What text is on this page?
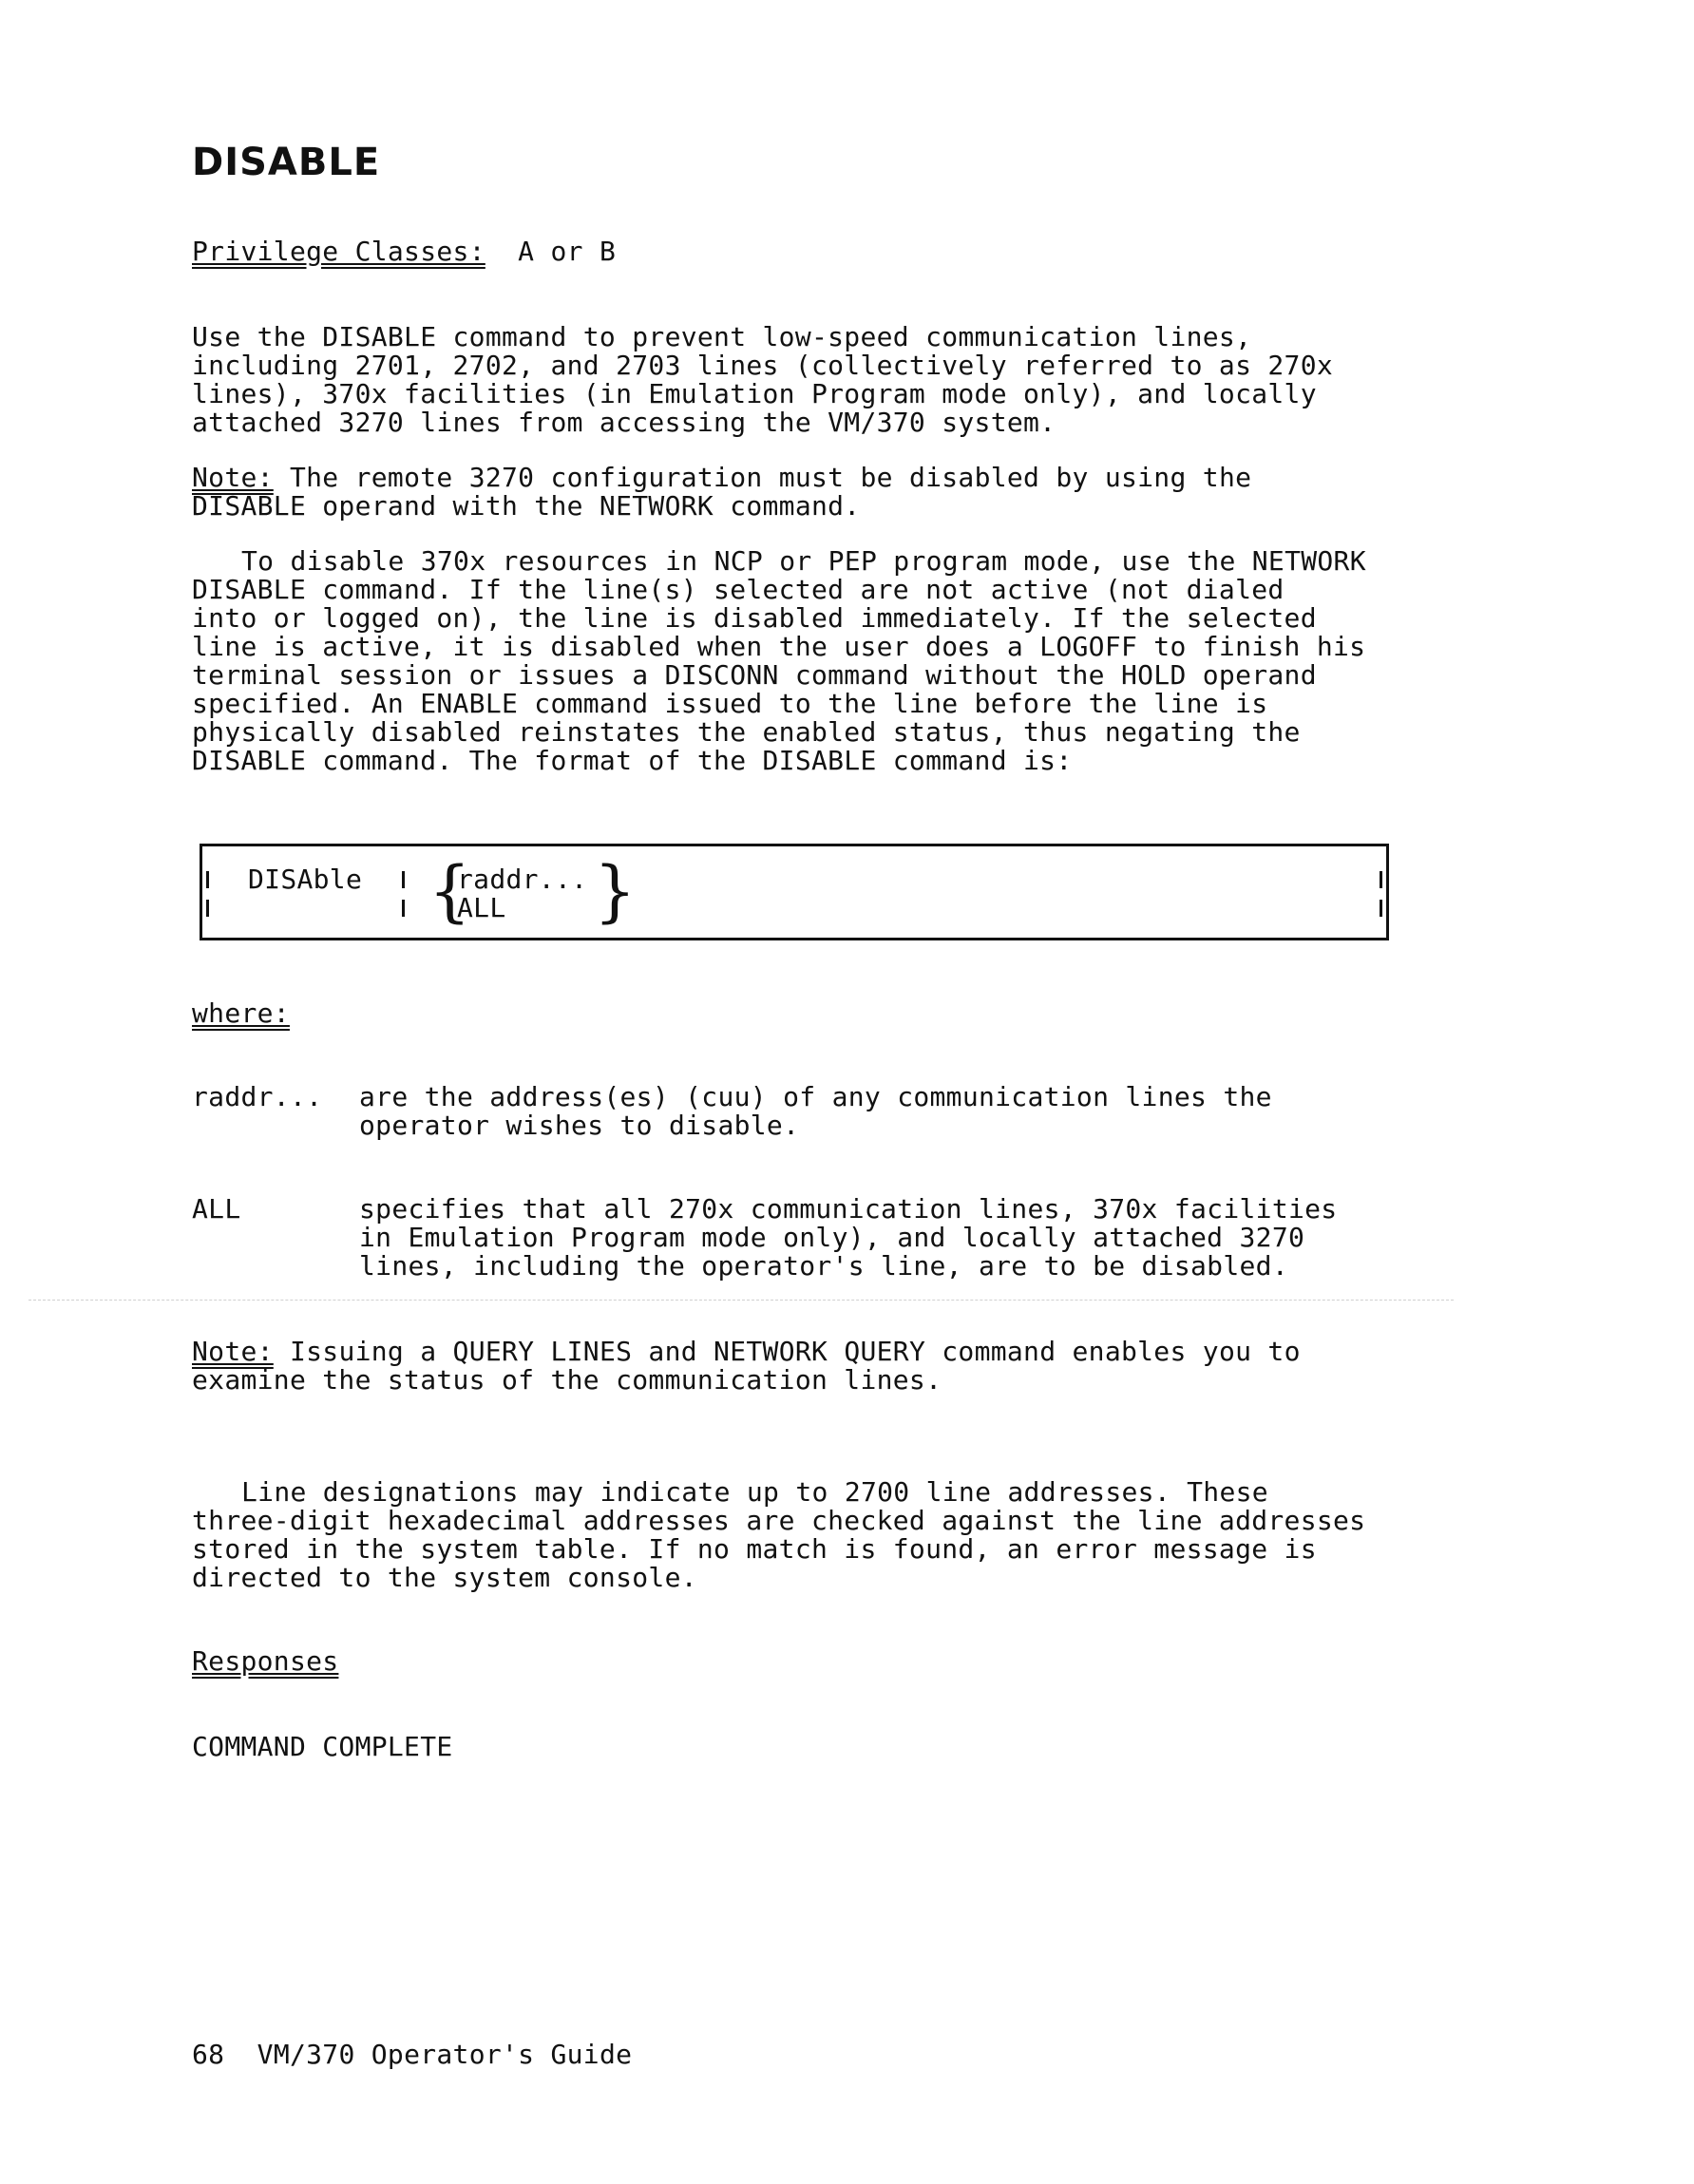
DISABLE
Privilege Classes: A or B
Use the DISABLE command to prevent low-speed communication lines,
including 2701, 2702, and 2703 lines (collectively referred to as 270x
lines), 370x facilities (in Emulation Program mode only), and locally
attached 3270 lines from accessing the VM/370 system.
Note: The remote 3270 configuration must be disabled by using the
DISABLE operand with the NETWORK command.
To disable 370x resources in NCP or PEP program mode, use the NETWORK
DISABLE command. If the line(s) selected are not active (not dialed
into or logged on), the line is disabled immediately. If the selected
line is active, it is disabled when the user does a LOGOFF to finish his
terminal session or issues a DISCONN command without the HOLD operand
specified. An ENABLE command issued to the line before the line is
physically disabled reinstates the enabled status, thus negating the
DISABLE command. The format of the DISABLE command is:
DISAble {
raddr...
ALL }
where:
raddr... are the address(es) (cuu) of any communication lines the
operator wishes to disable.
ALL	specifies that all 270x communication lines, 370x facilities
in Emulation Program mode only), and locally attached 3270
lines, including the operator's line, are to be disabled.
Note: Issuing a QUERY LINES and NETWORK QUERY command enables you to
examine the status of the communication lines.
Line designations may indicate up to 2700 line addresses. These
three-digit hexadecimal addresses are checked against the line addresses
stored in the system table. If no match is found, an error message is
directed to the system console.
Responses
COMMAND COMPLETE
68 VM/370 Operator's Guide
